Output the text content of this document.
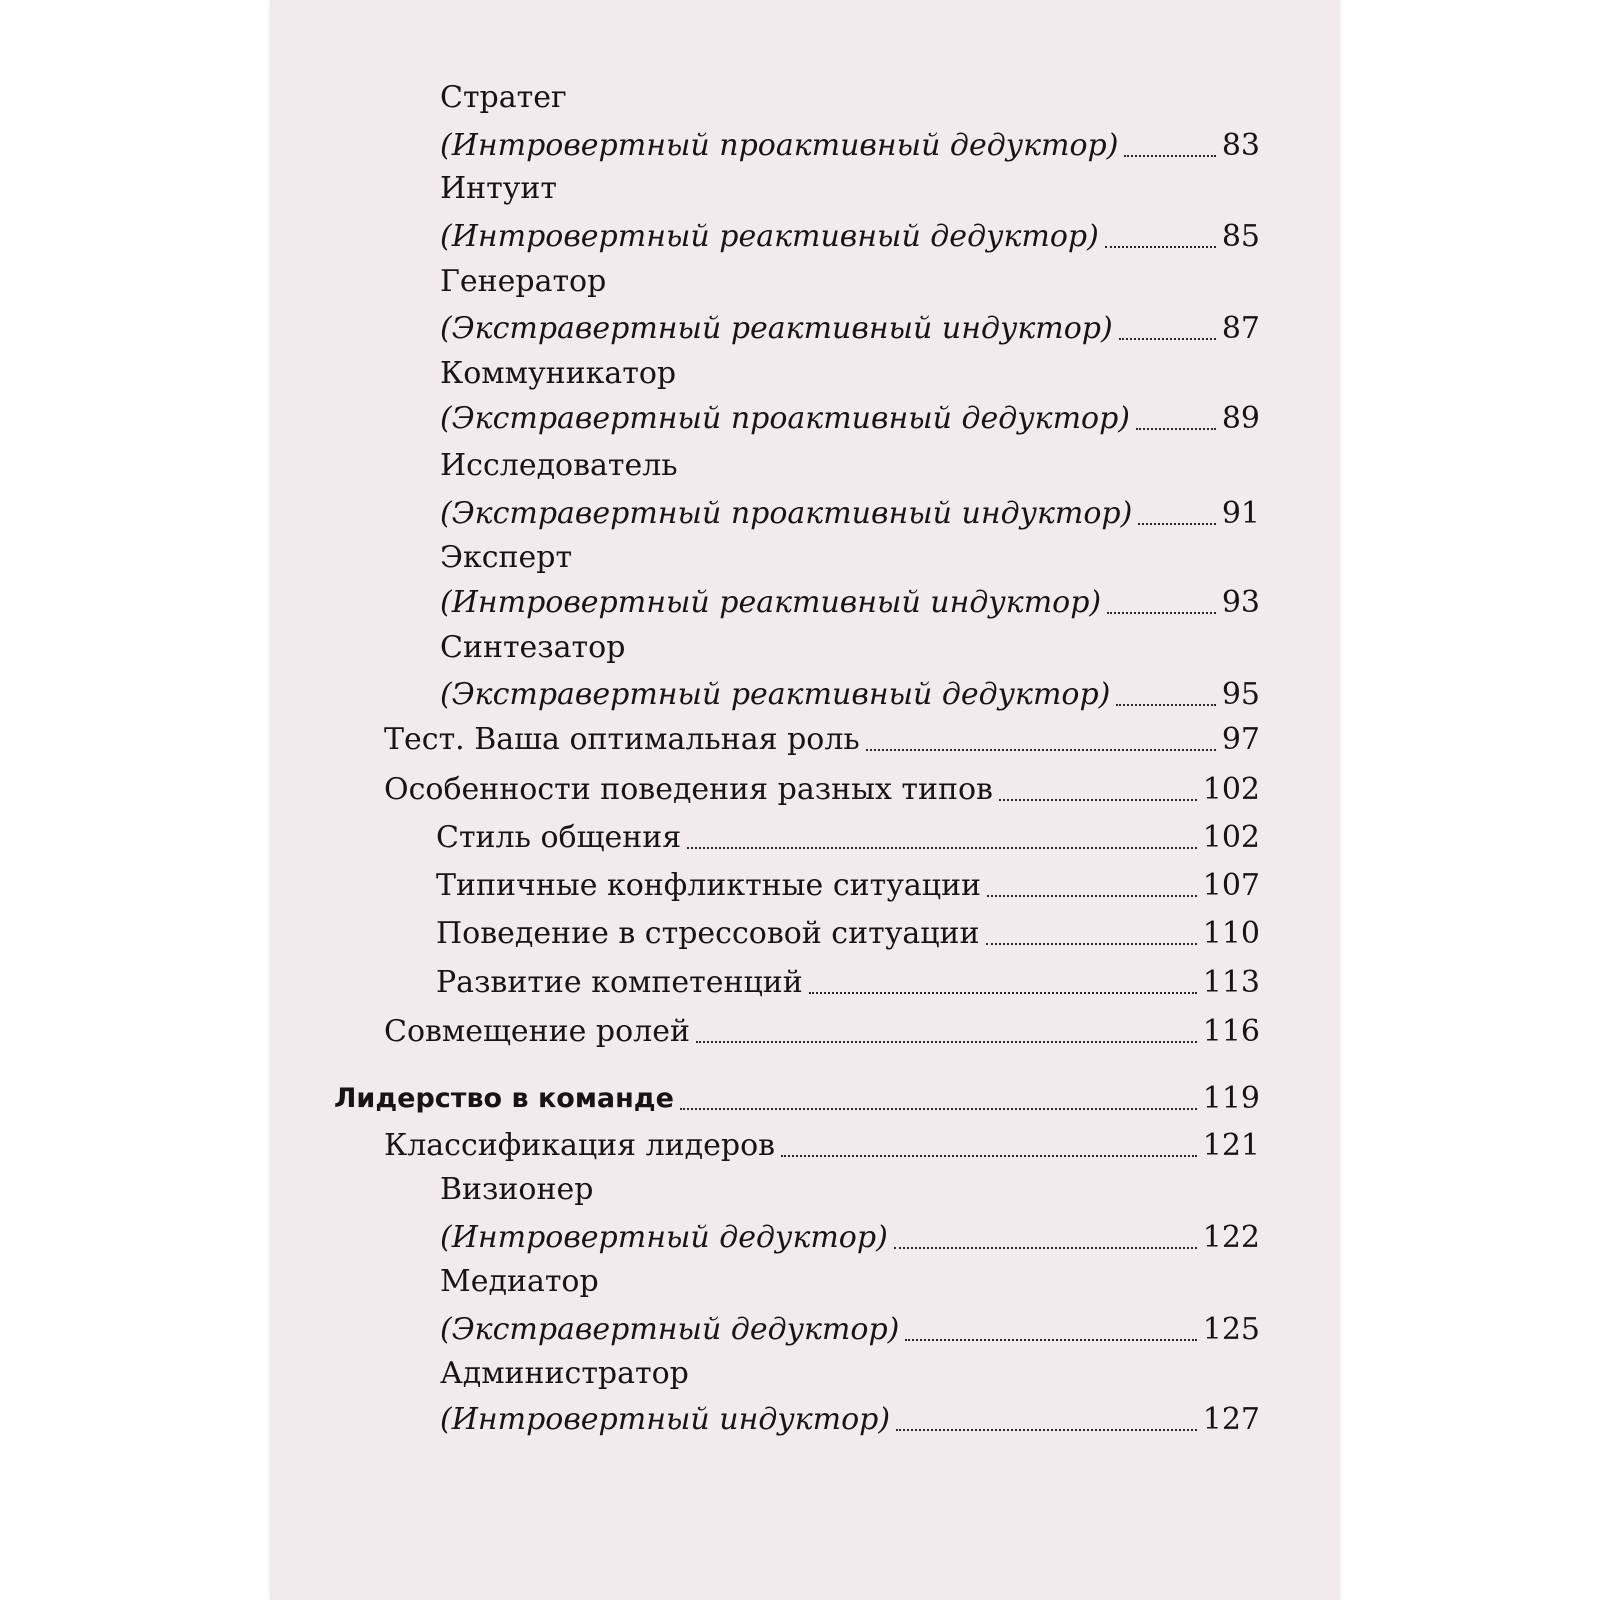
Стратег
(Интровертный проактивный дедуктор)	83
Интуит
(Интровертный реактивный дедуктор)	85
Генератор
(Экстравертный реактивный индуктор)	87
Коммуникатор
(Экстравертный проактивный дедуктор)	89
Исследователь
(Экстравертный проактивный индуктор)	91
Эксперт
(Интровертный реактивный индуктор)	93
Синтезатор
(Экстравертный реактивный дедуктор)	95
Тест. Ваша оптимальная роль	97
Особенности поведения разных типов	102
Стиль общения	102
Типичные конфликтные ситуации	107
Поведение в стрессовой ситуации	110
Развитие компетенций	113
Совмещение ролей	116
Лидерство в команде	119
Классификация лидеров	121
Визионер
(Интровертный дедуктор)	122
Медиатор
(Экстравертный дедуктор)	125
Администратор
(Интровертный индуктор)	127
